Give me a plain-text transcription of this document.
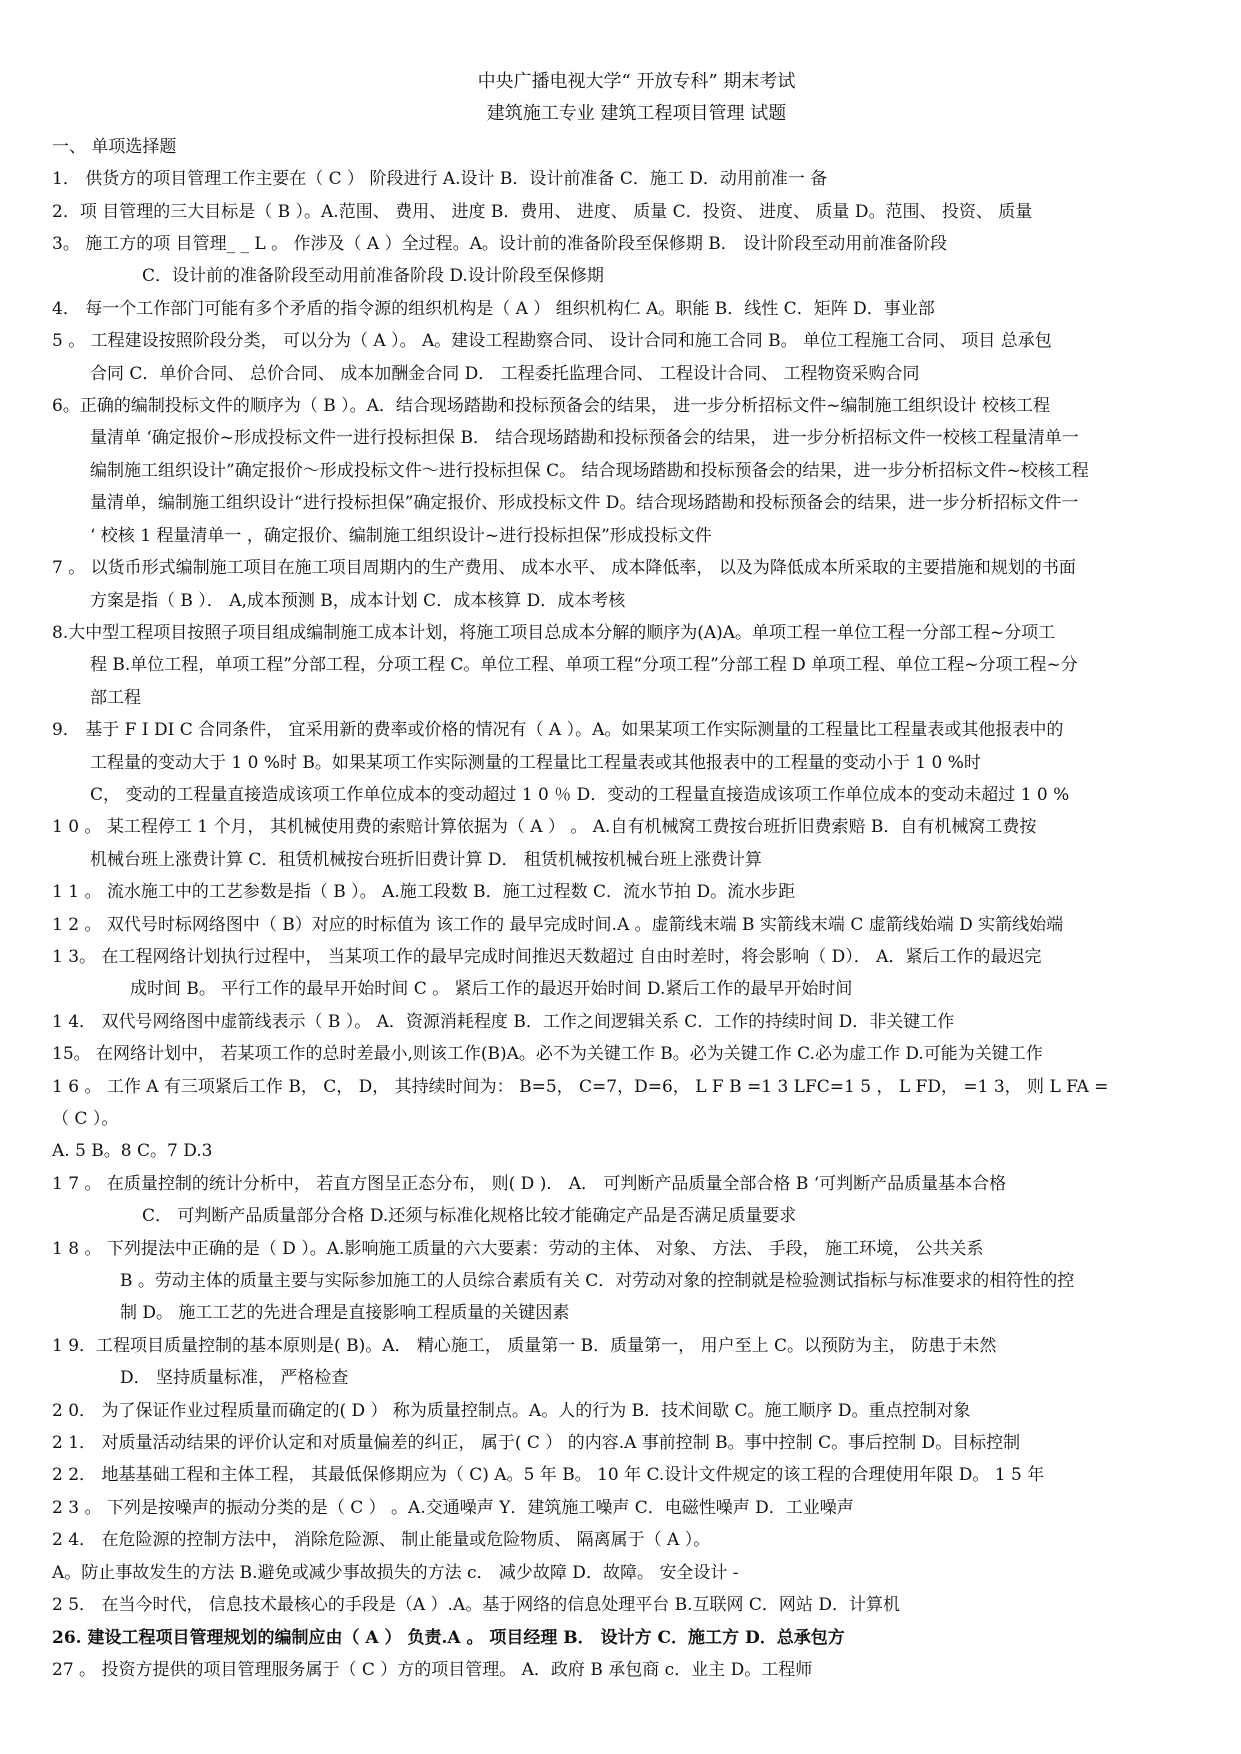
中央广播电视大学“ 开放专科” 期末考试

建筑施工专业 建筑工程项目管理 试题

一、 单项选择题

1． 供货方的项目管理工作主要在（ C ） 阶段进行 A.设计 B．设计前准备 C．施工 D．动用前准一 备

2．项 目管理的三大目标是（ B ）。A.范围、 费用、 进度 B．费用、 进度、 质量 C．投资、 进度、 质量 D。范围、 投资、 质量

3。 施工方的项 目管理_ _ L 。 作涉及（ A ）全过程。A。设计前的准备阶段至保修期 B． 设计阶段至动用前准备阶段

C．设计前的准备阶段至动用前准备阶段 D.设计阶段至保修期

4． 每一个工作部门可能有多个矛盾的指令源的组织机构是（ A ） 组织机构仁 A。职能 B．线性 C．矩阵 D．事业部

5 。 工程建设按照阶段分类， 可以分为（ A ）。 A。建设工程勘察合同、 设计合同和施工合同 B。 单位工程施工合同、 项目 总承包

合同 C．单价合同、 总价合同、 成本加酬金合同 D． 工程委托监理合同、 工程设计合同、 工程物资采购合同

6。正确的编制投标文件的顺序为（ B ）。A．结合现场踏勘和投标预备会的结果， 进一步分析招标文件~编制施工组织设计 校核工程

量清单 ‘确定报价~形成投标文件一进行投标担保 B． 结合现场踏勘和投标预备会的结果， 进一步分析招标文件一校核工程量清单一

编制施工组织设计”确定报价～形成投标文件～进行投标担保 C。 结合现场踏勘和投标预备会的结果，进一步分析招标文件~校核工程

量清单，编制施工组织设计“进行投标担保”确定报价、形成投标文件 D。结合现场踏勘和投标预备会的结果，进一步分析招标文件一

‘ 校核 1 程量清单一 ，确定报价、编制施工组织设计~进行投标担保”形成投标文件

7 。 以货币形式编制施工项目在施工项目周期内的生产费用、 成本水平、 成本降低率， 以及为降低成本所采取的主要措施和规划的书面

方案是指（ B ）． A,成本预测 B，成本计划 C．成本核算 D．成本考核

8.大中型工程项目按照子项目组成编制施工成本计划，将施工项目总成本分解的顺序为(A)A。单项工程一单位工程一分部工程~分项工

程 B.单位工程，单项工程”分部工程，分项工程 C。单位工程、单项工程“分项工程”分部工程 D 单项工程、单位工程~分项工程~分

部工程

9． 基于 F I DI C 合同条件， 宜采用新的费率或价格的情况有（ A ）。A。如果某项工作实际测量的工程量比工程量表或其他报表中的

工程量的变动大于 1 0 %时 B。如果某项工作实际测量的工程量比工程量表或其他报表中的工程量的变动小于 1 0 %时

C， 变动的工程量直接造成该项工作单位成本的变动超过 1 0 ％ D．变动的工程量直接造成该项工作单位成本的变动未超过 1 0 %

1 0 。 某工程停工 1 个月， 其机械使用费的索赔计算依据为（ A ） 。 A.自有机械窝工费按台班折旧费索赔 B．自有机械窝工费按

机械台班上涨费计算 C．租赁机械按台班折旧费计算 D． 租赁机械按机械台班上涨费计算

1 1 。 流水施工中的工艺参数是指（ B ）。 A.施工段数 B．施工过程数 C．流水节拍 D。流水步距

1 2 。 双代号时标网络图中（ B）对应的时标值为 该工作的 最早完成时间.A 。虚箭线末端 B 实箭线末端 C 虚箭线始端 D 实箭线始端

1 3。 在工程网络计划执行过程中， 当某项工作的最早完成时间推迟天数超过 自由时差时，将会影响（ D）． A．紧后工作的最迟完

成时间 B。 平行工作的最早开始时间 C 。 紧后工作的最迟开始时间 D.紧后工作的最早开始时间

1 4． 双代号网络图中虚箭线表示（ B ）。 A．资源消耗程度 B．工作之间逻辑关系 C．工作的持续时间 D．非关键工作

15。 在网络计划中， 若某项工作的总时差最小,则该工作(B)A。必不为关键工作 B。必为关键工作 C.必为虚工作 D.可能为关键工作

1 6 。 工作 A 有三项紧后工作 B， C， D， 其持续时间为： B=5， C=7，D=6， L F B =1 3 LFC=1 5 ， L FD， =1 3， 则 L FA =

（ C ）。

A. 5 B。8 C。7 D.3

1 7 。 在质量控制的统计分析中， 若直方图呈正态分布， 则( D )． A． 可判断产品质量全部合格 B ‘可判断产品质量基本合格

C． 可判断产品质量部分合格 D.还须与标准化规格比较才能确定产品是否满足质量要求

1 8 。 下列提法中正确的是（ D ）。A.影响施工质量的六大要素：劳动的主体、 对象、 方法、 手段， 施工环境， 公共关系

B 。劳动主体的质量主要与实际参加施工的人员综合素质有关 C．对劳动对象的控制就是检验测试指标与标准要求的相符性的控

制 D。 施工工艺的先进合理是直接影响工程质量的关键因素

1 9．工程项目质量控制的基本原则是( B)。A． 精心施工， 质量第一 B．质量第一， 用户至上 C。以预防为主， 防患于未然

D． 坚持质量标准， 严格检查

2 0． 为了保证作业过程质量而确定的( D ） 称为质量控制点。A。人的行为 B．技术间歇 C。施工顺序 D。重点控制对象

2 1． 对质量活动结果的评价认定和对质量偏差的纠正， 属于( C ） 的内容.A 事前控制 B。事中控制 C。事后控制 D。目标控制

2 2． 地基基础工程和主体工程， 其最低保修期应为（ C) A。5 年 B。 10 年 C.设计文件规定的该工程的合理使用年限 D。 1 5 年

2 3 。 下列是按噪声的振动分类的是（ C ） 。A.交通噪声 Y．建筑施工噪声 C．电磁性噪声 D．工业噪声

2 4． 在危险源的控制方法中， 消除危险源、 制止能量或危险物质、 隔离属于（ A ）。

A。防止事故发生的方法 B.避免或减少事故损失的方法 c． 减少故障 D．故障。 安全设计 -

2 5． 在当今时代， 信息技术最核心的手段是（A ）.A。基于网络的信息处理平台 B.互联网 C．网站 D．计算机

26. 建设工程项目管理规划的编制应由（ A ） 负责.A 。 项目经理 B． 设计方 C．施工方 D．总承包方

27 。 投资方提供的项目管理服务属于（ C ）方的项目管理。 A．政府 B 承包商 c．业主 D。工程师
